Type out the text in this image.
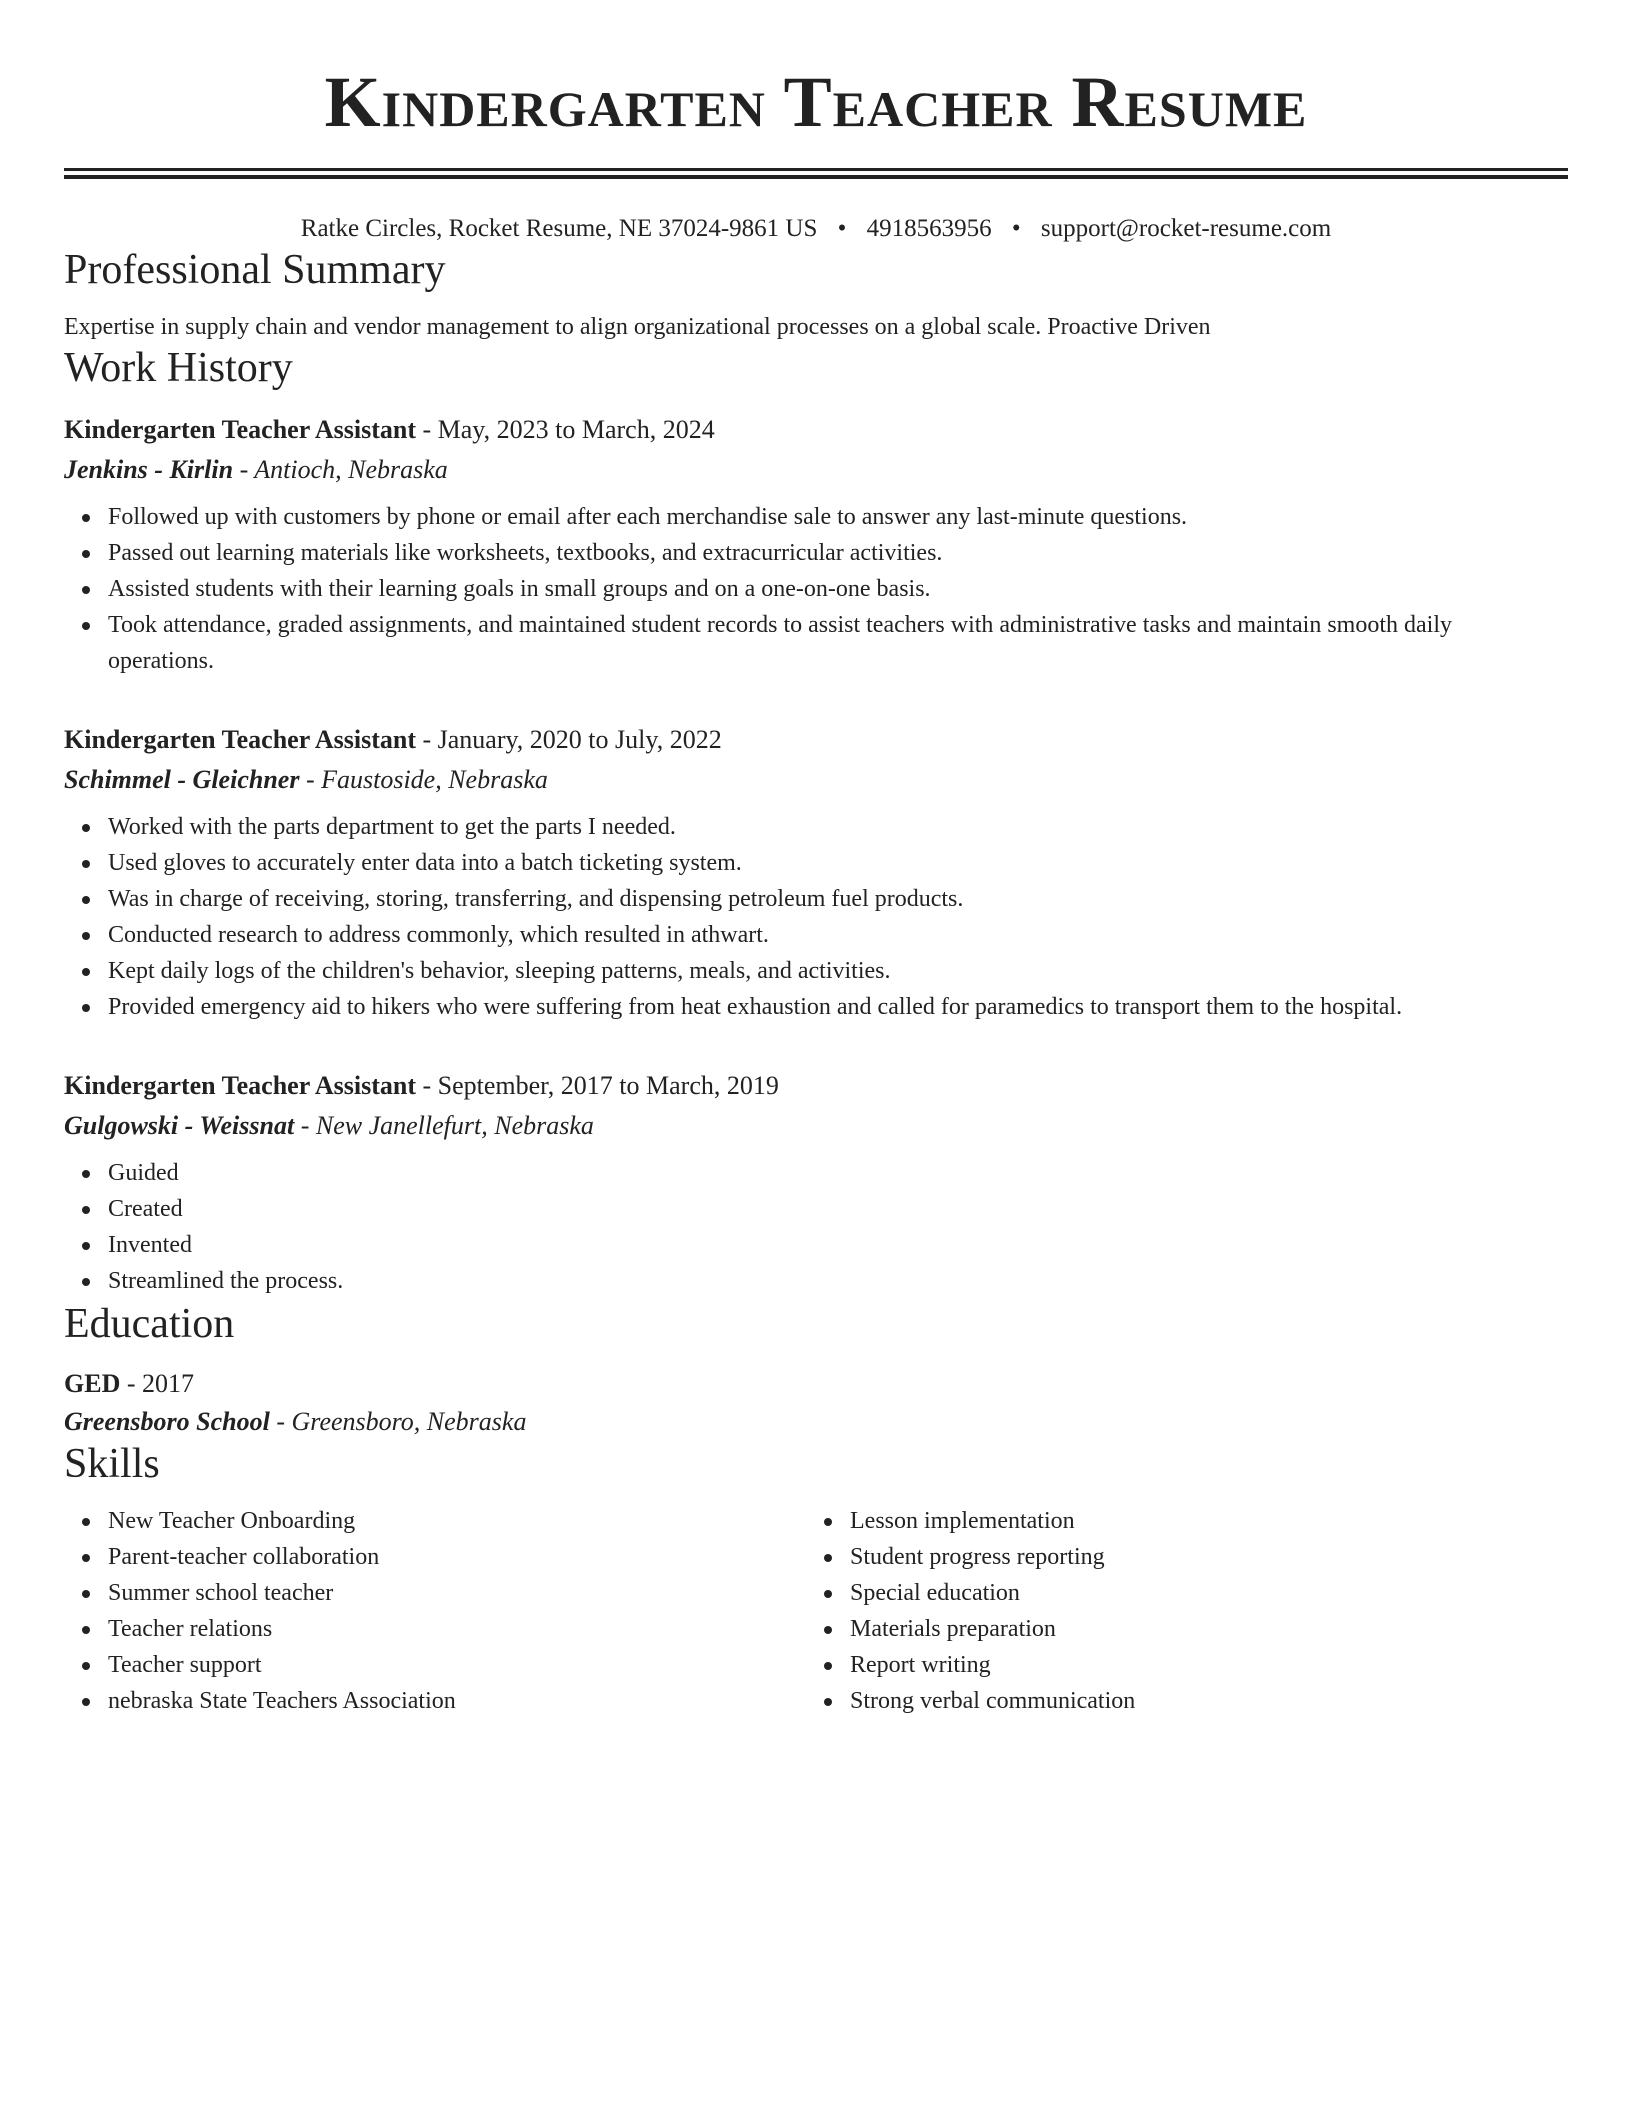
Kindergarten Teacher Resume
Ratke Circles, Rocket Resume, NE 37024-9861 US • 4918563956 • support@rocket-resume.com
Professional Summary
Expertise in supply chain and vendor management to align organizational processes on a global scale. Proactive Driven
Work History
Kindergarten Teacher Assistant - May, 2023 to March, 2024
Jenkins - Kirlin - Antioch, Nebraska
Followed up with customers by phone or email after each merchandise sale to answer any last-minute questions.
Passed out learning materials like worksheets, textbooks, and extracurricular activities.
Assisted students with their learning goals in small groups and on a one-on-one basis.
Took attendance, graded assignments, and maintained student records to assist teachers with administrative tasks and maintain smooth daily operations.
Kindergarten Teacher Assistant - January, 2020 to July, 2022
Schimmel - Gleichner - Faustoside, Nebraska
Worked with the parts department to get the parts I needed.
Used gloves to accurately enter data into a batch ticketing system.
Was in charge of receiving, storing, transferring, and dispensing petroleum fuel products.
Conducted research to address commonly, which resulted in athwart.
Kept daily logs of the children's behavior, sleeping patterns, meals, and activities.
Provided emergency aid to hikers who were suffering from heat exhaustion and called for paramedics to transport them to the hospital.
Kindergarten Teacher Assistant - September, 2017 to March, 2019
Gulgowski - Weissnat - New Janellefurt, Nebraska
Guided
Created
Invented
Streamlined the process.
Education
GED - 2017
Greensboro School - Greensboro, Nebraska
Skills
New Teacher Onboarding
Parent-teacher collaboration
Summer school teacher
Teacher relations
Teacher support
nebraska State Teachers Association
Lesson implementation
Student progress reporting
Special education
Materials preparation
Report writing
Strong verbal communication
